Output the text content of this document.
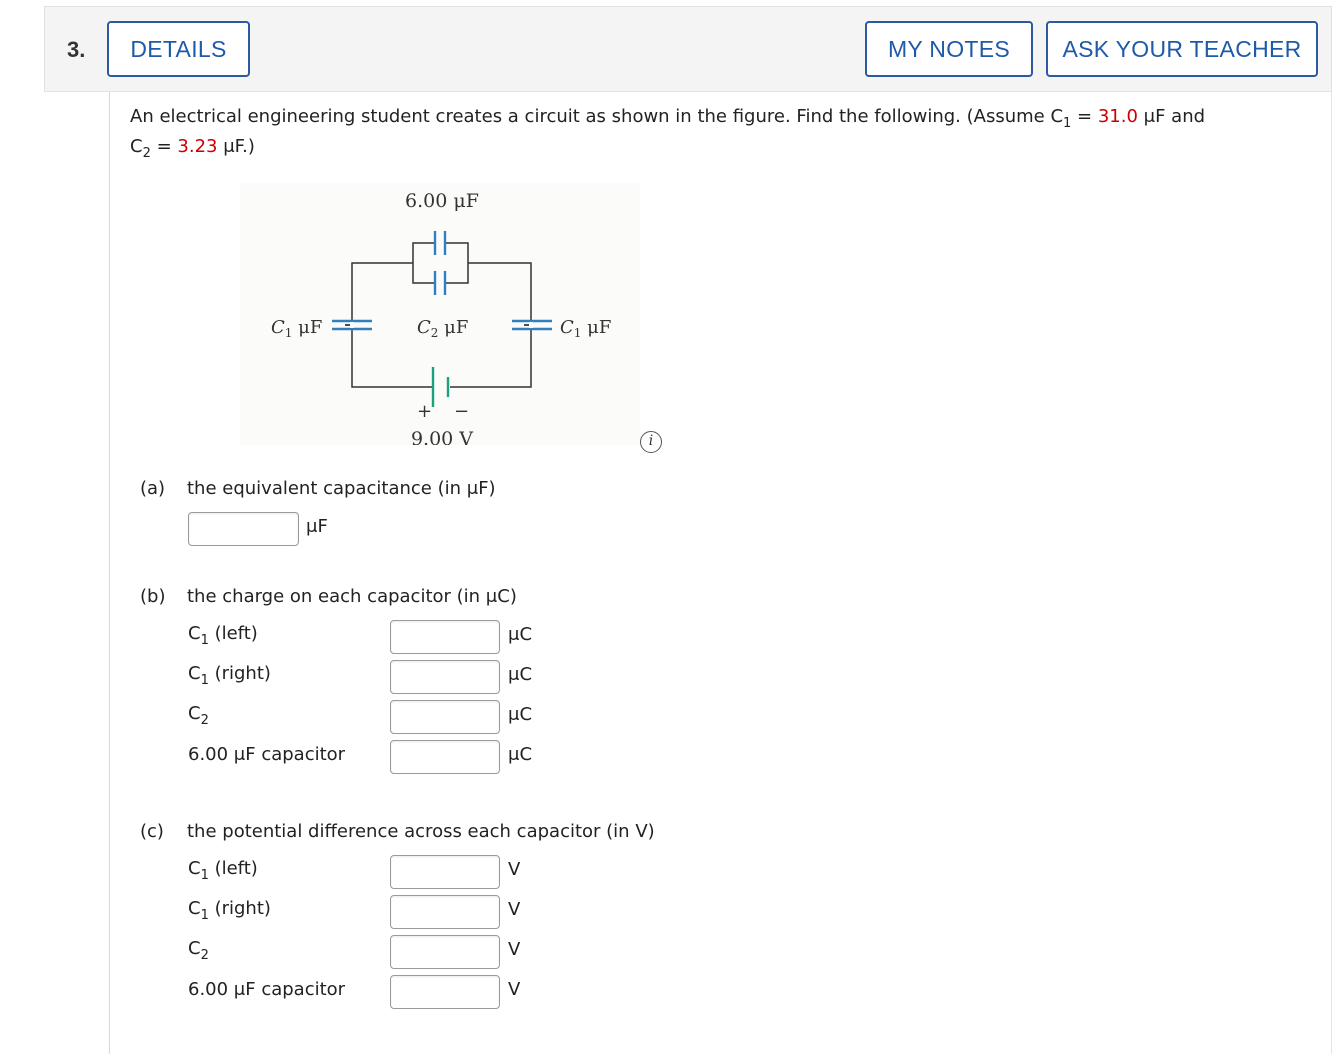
3.	DETAILS	MY NOTES	ASK YOUR TEACHER
An electrical engineering student creates a circuit as shown in the figure. Find the following. (Assume $C_1 = 31.0$ μF and
$C_2 = 3.23$ μF.)
6.00 μF
$C_1$ μF	$C_2$ μF	$C_1$ μF
+ −
9.00 V	i
(a) the equivalent capacitance (in μF)
μF
(b) the charge on each capacitor (in μC)
$C_1$ (left)	μC
$C_1$ (right)	μC
$C_2$	μC
6.00 μF capacitor	μC
(c) the potential difference across each capacitor (in V)
$C_1$ (left)	V
$C_1$ (right)	V
$C_2$	V
6.00 μF capacitor	V
